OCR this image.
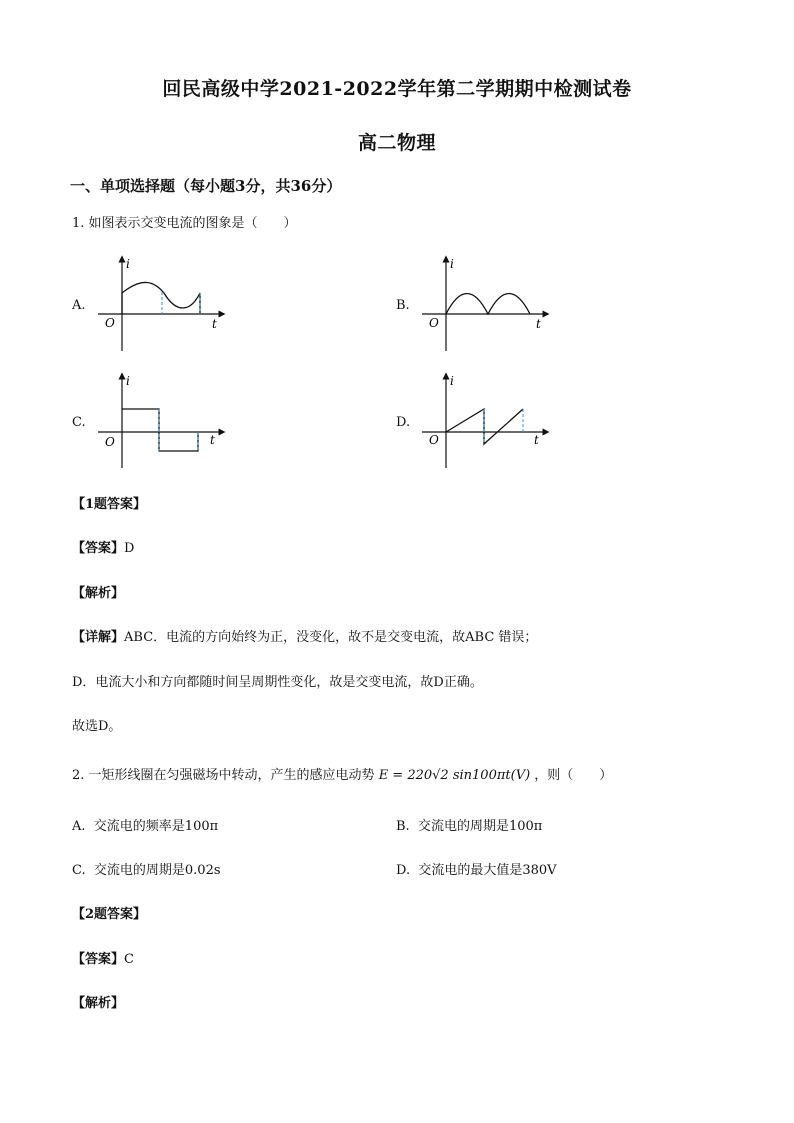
回民高级中学2021-2022学年第二学期期中检测试卷
高二物理
一、单项选择题（每小题3分，共36分）
1. 如图表示交变电流的图象是（　　）
A.
i
t
O
B.
i
t
O
C.
i
t
O
D.
i
t
O
【1题答案】
【答案】D
【解析】
【详解】ABC．电流的方向始终为正，没变化，故不是交变电流，故ABC 错误；
D．电流大小和方向都随时间呈周期性变化，故是交变电流，故D正确。
故选D。
2. 一矩形线圈在匀强磁场中转动，产生的感应电动势 E = 220√2 sin100πt(V) ，则（　　）
A. 交流电的频率是100π	B. 交流电的周期是100π
C. 交流电的周期是0.02s	D. 交流电的最大值是380V
【2题答案】
【答案】C
【解析】
